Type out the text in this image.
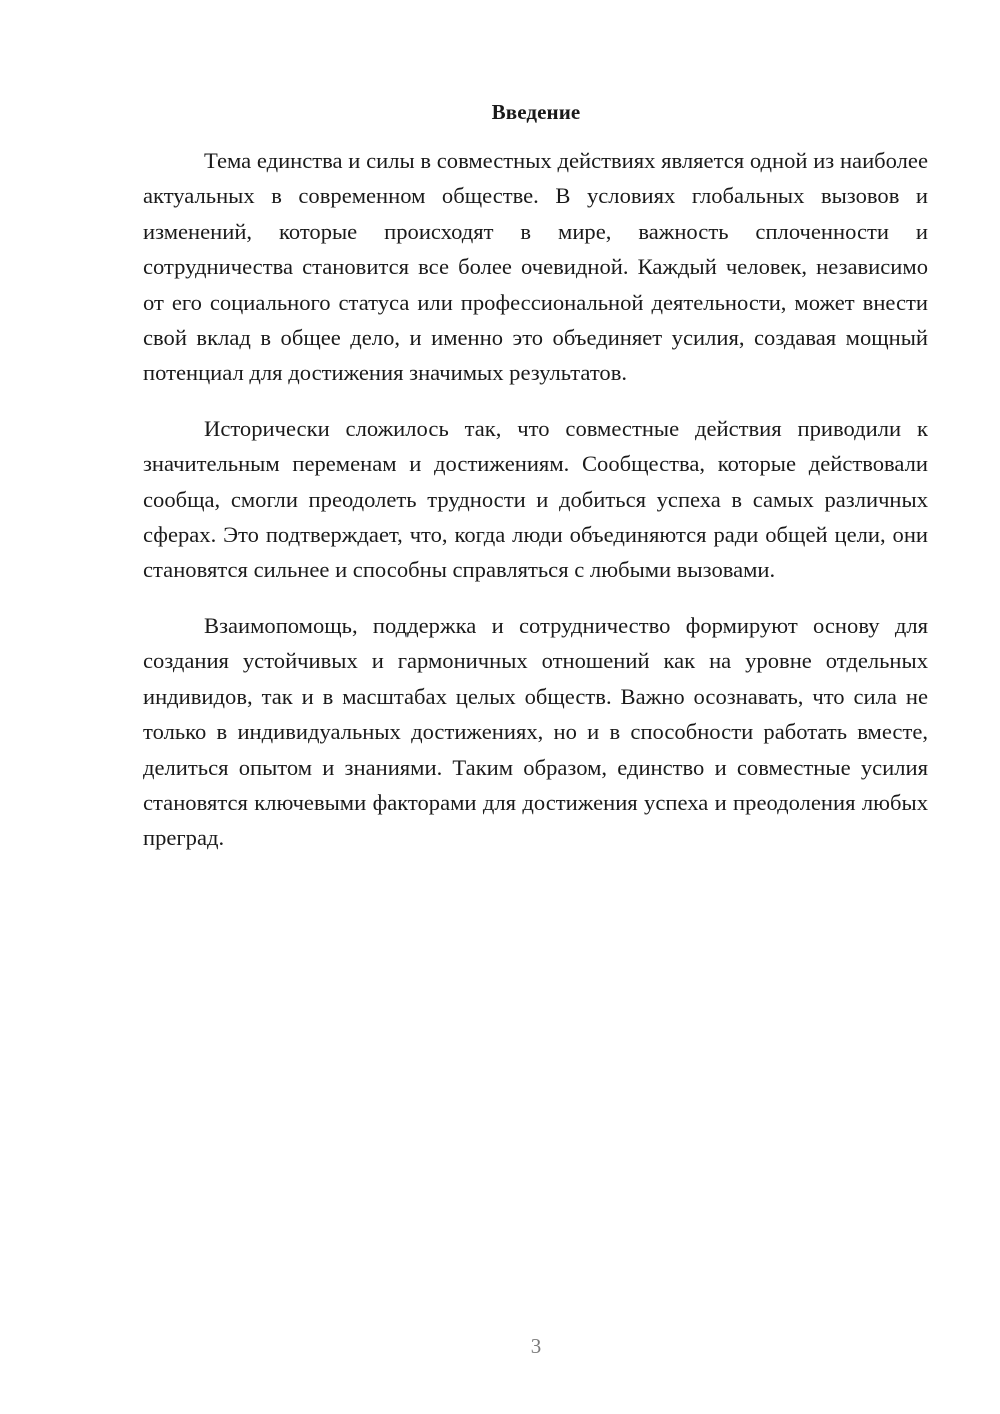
Введение

Тема единства и силы в совместных действиях является одной из наиболее актуальных в современном обществе. В условиях глобальных вызовов и изменений, которые происходят в мире, важность сплоченности и сотрудничества становится все более очевидной. Каждый человек, независимо от его социального статуса или профессиональной деятельности, может внести свой вклад в общее дело, и именно это объединяет усилия, создавая мощный потенциал для достижения значимых результатов.

Исторически сложилось так, что совместные действия приводили к значительным переменам и достижениям. Сообщества, которые действовали сообща, смогли преодолеть трудности и добиться успеха в самых различных сферах. Это подтверждает, что, когда люди объединяются ради общей цели, они становятся сильнее и способны справляться с любыми вызовами.

Взаимопомощь, поддержка и сотрудничество формируют основу для создания устойчивых и гармоничных отношений как на уровне отдельных индивидов, так и в масштабах целых обществ. Важно осознавать, что сила не только в индивидуальных достижениях, но и в способности работать вместе, делиться опытом и знаниями. Таким образом, единство и совместные усилия становятся ключевыми факторами для достижения успеха и преодоления любых преград.

3
